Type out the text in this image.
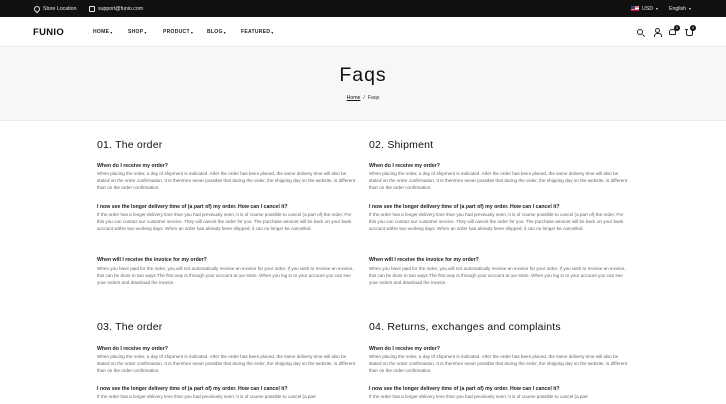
Store Location	support@funio.com	USD ▾ English ▾
FUNIO	HOME ▾	SHOP ▾	PRODUCT ▾	BLOG ▾	FEATURED ▾
0	0
Faqs
Home / Faqs
01. The order
When do I receive my order?
When placing the order, a day of shipment is indicated. After the order has been placed, the same delivery time will also be stated on the order confirmation. It is therefore never possible that during the order, the shipping day on the website, is different than on the order confirmation.
I now see the longer delivery time of (a part of) my order. How can I cancel it?
If the order has a longer delivery time than you had previously seen, it is of course possible to cancel (a part of) the order. For this you can contact our customer service. They will cancel the order for you. The purchase amount will be back on your bank account within two working days. When an order has already been shipped, it can no longer be cancelled.
When will I receive the invoice for my order?
When you have paid for the order, you will not automatically receive an invoice for your order. If you wish to receive an invoice, this can be done in two ways:The first way is through your account at our store. When you log in to your account you can see your orders and download the invoice.
02. Shipment
When do I receive my order?
When placing the order, a day of shipment is indicated. After the order has been placed, the same delivery time will also be stated on the order confirmation. It is therefore never possible that during the order, the shipping day on the website, is different than on the order confirmation.
I now see the longer delivery time of (a part of) my order. How can I cancel it?
If the order has a longer delivery time than you had previously seen, it is of course possible to cancel (a part of) the order. For this you can contact our customer service. They will cancel the order for you. The purchase amount will be back on your bank account within two working days. When an order has already been shipped, it can no longer be cancelled.
When will I receive the invoice for my order?
When you have paid for the order, you will not automatically receive an invoice for your order. If you wish to receive an invoice, this can be done in two ways:The first way is through your account at our store. When you log in to your account you can see your orders and download the invoice.
03. The order
When do I receive my order?
When placing the order, a day of shipment is indicated. After the order has been placed, the same delivery time will also be stated on the order confirmation. It is therefore never possible that during the order, the shipping day on the website, is different than on the order confirmation.
I now see the longer delivery time of (a part of) my order. How can I cancel it?
If the order has a longer delivery time than you had previously seen, it is of course possible to cancel (a part
04. Returns, exchanges and complaints
When do I receive my order?
When placing the order, a day of shipment is indicated. After the order has been placed, the same delivery time will also be stated on the order confirmation. It is therefore never possible that during the order, the shipping day on the website, is different than on the order confirmation.
I now see the longer delivery time of (a part of) my order. How can I cancel it?
If the order has a longer delivery time than you had previously seen, it is of course possible to cancel (a part
